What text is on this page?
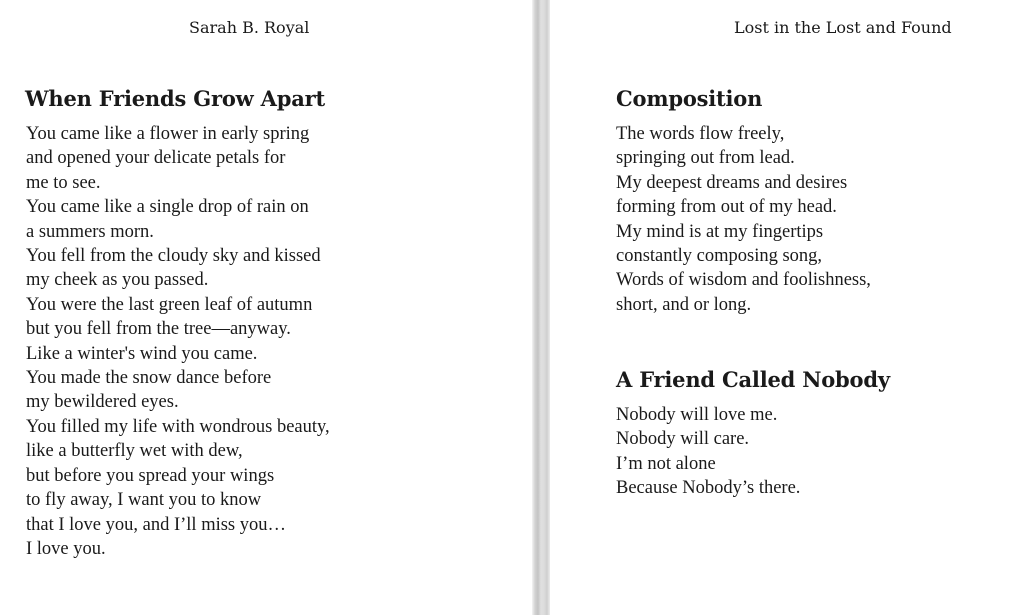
Sarah B. Royal
When Friends Grow Apart
You came like a flower in early spring
and opened your delicate petals for
me to see.
You came like a single drop of rain on
a summers morn.
You fell from the cloudy sky and kissed
my cheek as you passed.
You were the last green leaf of autumn
but you fell from the tree—anyway.
Like a winter's wind you came.
You made the snow dance before
my bewildered eyes.
You filled my life with wondrous beauty,
like a butterfly wet with dew,
but before you spread your wings
to fly away, I want you to know
that I love you, and I’ll miss you…
I love you.
Lost in the Lost and Found
Composition
The words flow freely,
springing out from lead.
My deepest dreams and desires
forming from out of my head.
My mind is at my fingertips
constantly composing song,
Words of wisdom and foolishness,
short, and or long.
A Friend Called Nobody
Nobody will love me.
Nobody will care.
I’m not alone
Because Nobody’s there.
